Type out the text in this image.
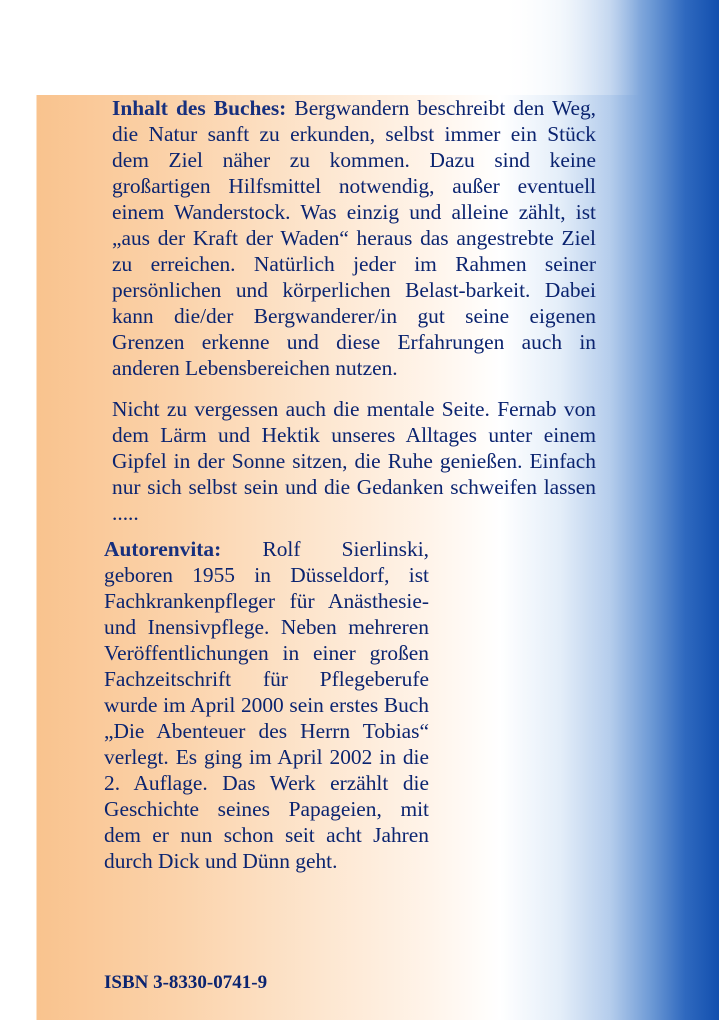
Inhalt des Buches: Bergwandern beschreibt den Weg, die Natur sanft zu erkunden, selbst immer ein Stück dem Ziel näher zu kommen. Dazu sind keine großartigen Hilfsmittel notwendig, außer eventuell einem Wanderstock. Was einzig und alleine zählt, ist „aus der Kraft der Waden“ heraus das angestrebte Ziel zu erreichen. Natürlich jeder im Rahmen seiner persönlichen und körperlichen Belast-barkeit. Dabei kann die/der Bergwanderer/in gut seine eigenen Grenzen erkenne und diese Erfahrungen auch in anderen Lebensbereichen nutzen.

Nicht zu vergessen auch die mentale Seite. Fernab von dem Lärm und Hektik unseres Alltages unter einem Gipfel in der Sonne sitzen, die Ruhe genießen. Einfach nur sich selbst sein und die Gedanken schweifen lassen .....

Autorenvita: Rolf Sierlinski, geboren 1955 in Düsseldorf, ist Fachkrankenpfleger für Anästhesie- und Inensivpflege. Neben mehreren Veröffentlichungen in einer großen Fachzeitschrift für Pflegeberufe wurde im April 2000 sein erstes Buch „Die Abenteuer des Herrn Tobias“ verlegt. Es ging im April 2002 in die 2. Auflage. Das Werk erzählt die Geschichte seines Papageien, mit dem er nun schon seit acht Jahren durch Dick und Dünn geht.

ISBN 3-8330-0741-9
